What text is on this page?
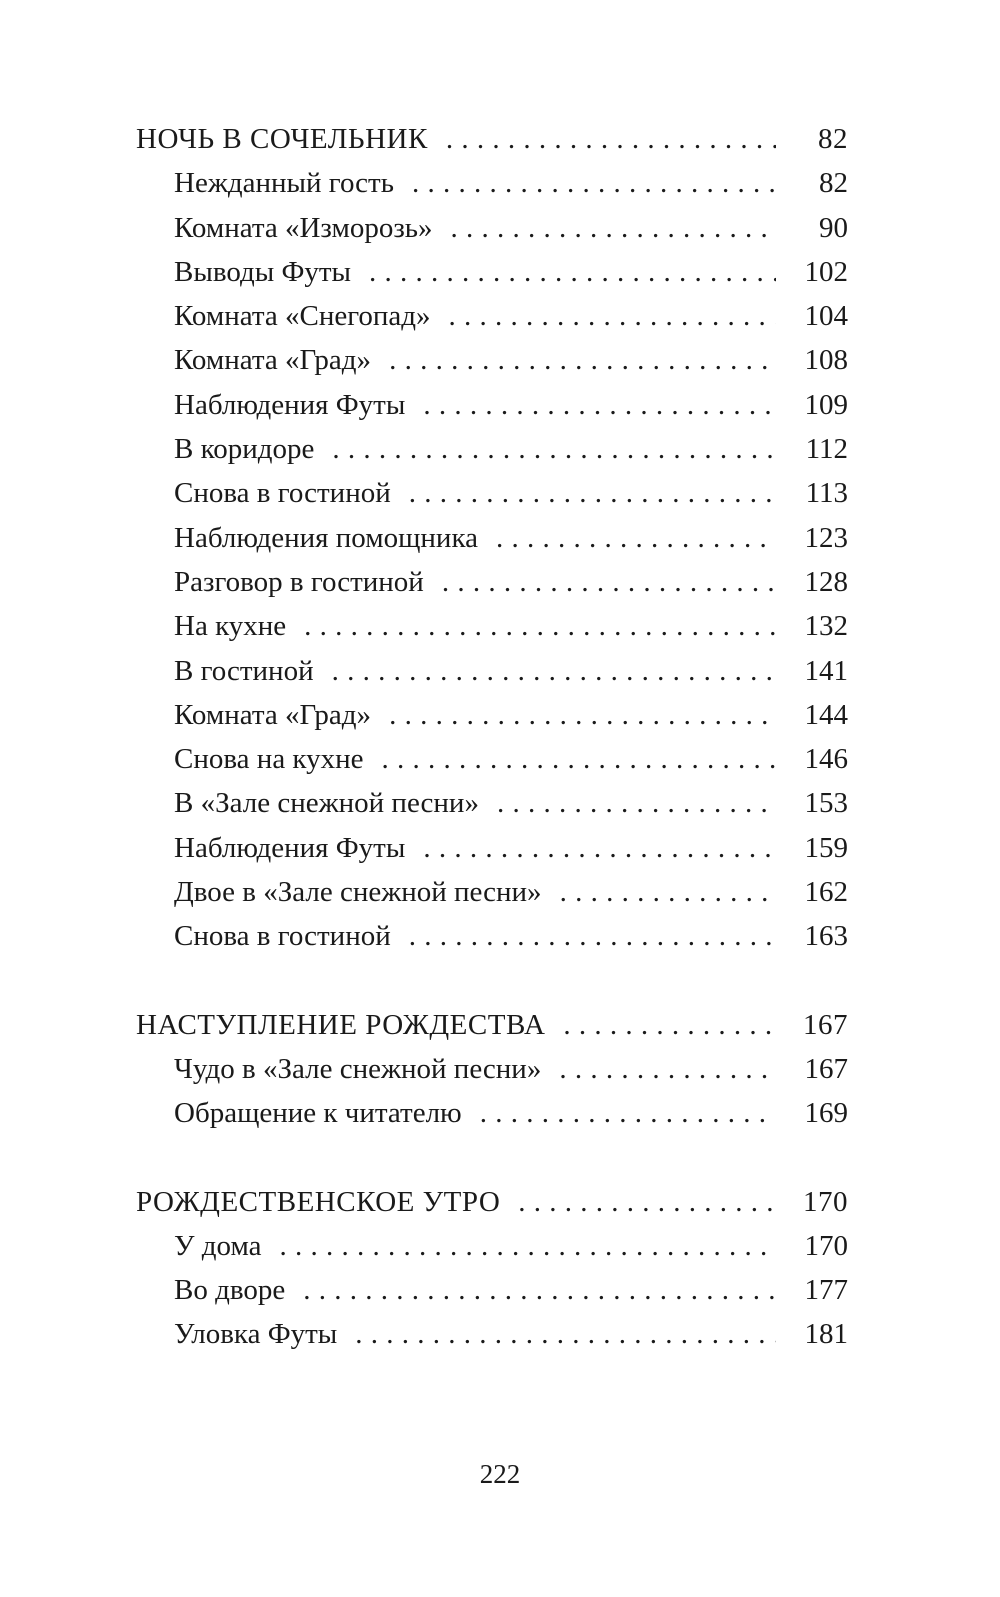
НОЧЬ В СОЧЕЛЬНИК . . .	82
Нежданный гость . . .	82
Комната «Изморозь» . . .	90
Выводы Футы . . .	102
Комната «Снегопад» . . .	104
Комната «Град» . . .	108
Наблюдения Футы . . .	109
В коридоре . . .	112
Снова в гостиной . . .	113
Наблюдения помощника . . .	123
Разговор в гостиной . . .	128
На кухне . . .	132
В гостиной . . .	141
Комната «Град» . . .	144
Снова на кухне . . .	146
В «Зале снежной песни» . . .	153
Наблюдения Футы . . .	159
Двое в «Зале снежной песни» . . .	162
Снова в гостиной . . .	163
НАСТУПЛЕНИЕ РОЖДЕСТВА . . .	167
Чудо в «Зале снежной песни» . . .	167
Обращение к читателю . . .	169
РОЖДЕСТВЕНСКОЕ УТРО . . .	170
У дома . . .	170
Во дворе . . .	177
Уловка Футы . . .	181
222
